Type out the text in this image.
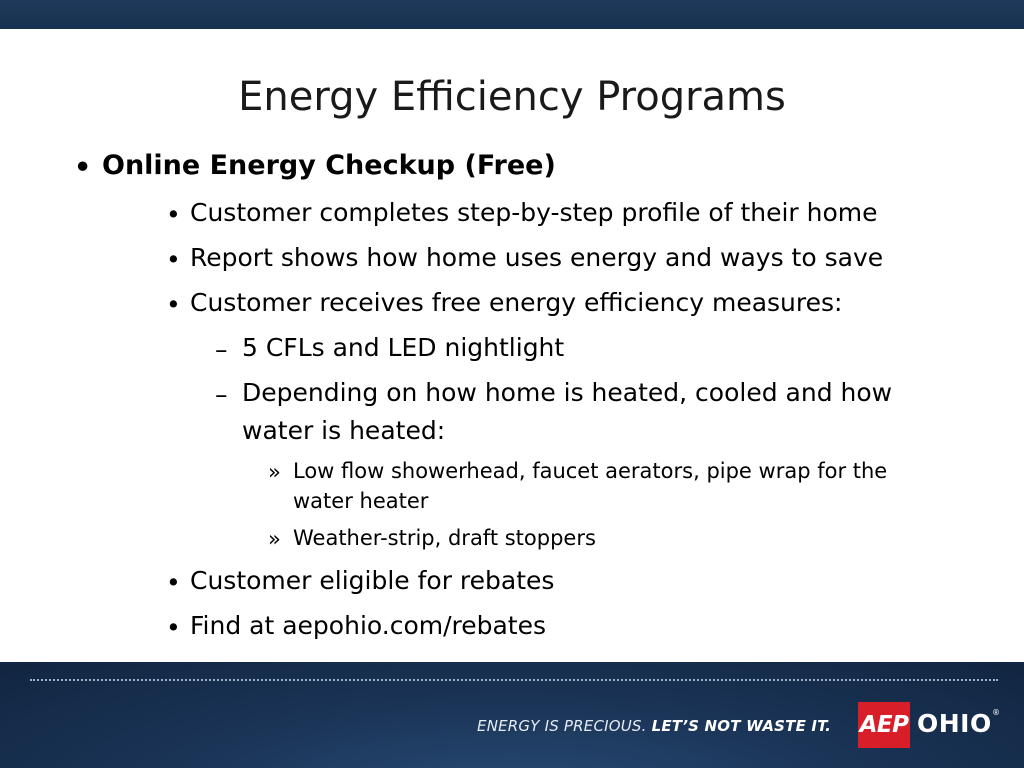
Energy Efficiency Programs
• Online Energy Checkup (Free)
• Customer completes step-by-step profile of their home
• Report shows how home uses energy and ways to save
• Customer receives free energy efficiency measures:
– 5 CFLs and LED nightlight
– Depending on how home is heated, cooled and how
water is heated:
» Low flow showerhead, faucet aerators, pipe wrap for the
water heater
» Weather-strip, draft stoppers
• Customer eligible for rebates
• Find at aepohio.com/rebates
ENERGY IS PRECIOUS. LET’S NOT WASTE IT. AEP OHIO ®
